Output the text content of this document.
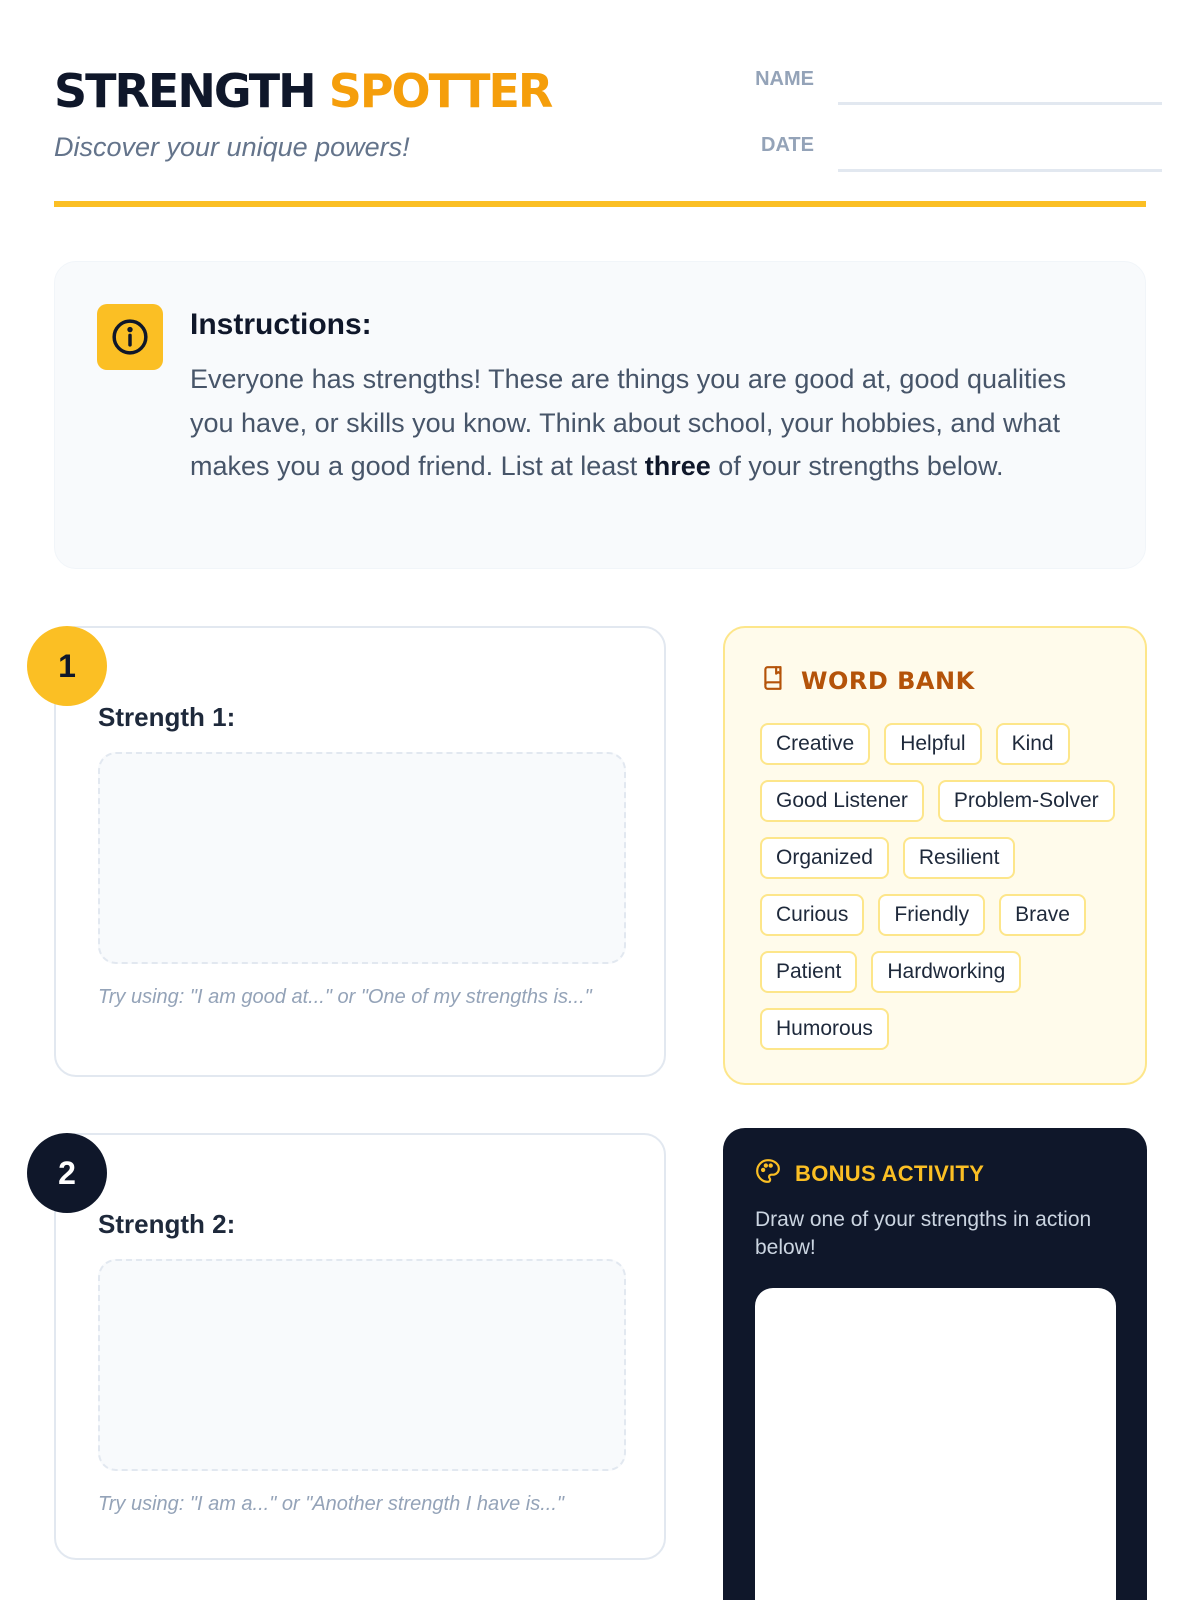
STRENGTH SPOTTER
Discover your unique powers!
NAME
DATE
Instructions:
Everyone has strengths! These are things you are good at, good qualities you have, or skills you know. Think about school, your hobbies, and what makes you a good friend. List at least three of your strengths below.
Strength 1:
Try using: "I am good at..." or "One of my strengths is..."
1
Strength 2:
Try using: "I am a..." or "Another strength I have is..."
2
WORD BANK
Creative	Helpful	Kind
Good Listener	Problem-Solver
Organized	Resilient
Curious	Friendly	Brave
Patient	Hardworking
Humorous
BONUS ACTIVITY
Draw one of your strengths in action below!
